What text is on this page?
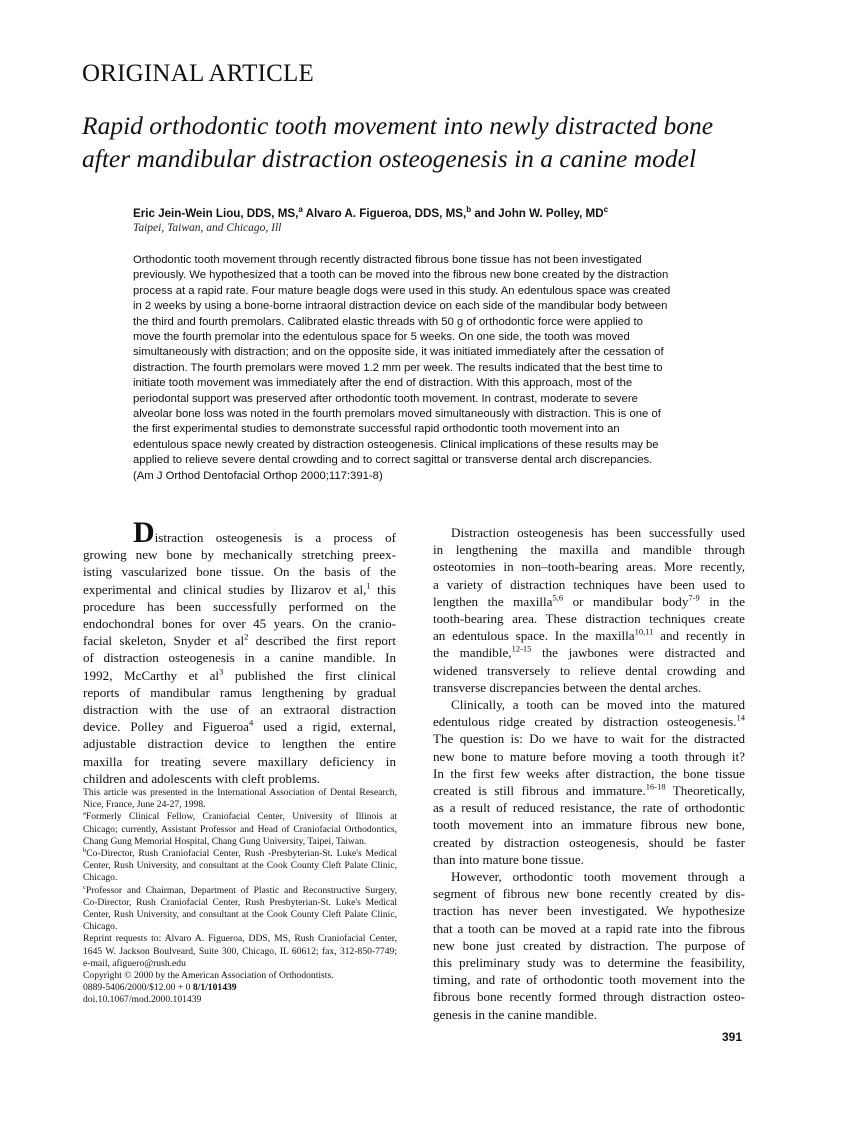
ORIGINAL ARTICLE
Rapid orthodontic tooth movement into newly distracted bone
after mandibular distraction osteogenesis in a canine model
Eric Jein-Wein Liou, DDS, MS,$^a$ Alvaro A. Figueroa, DDS, MS,$^b$ and John W. Polley, $MD^c$
Taipei, Taiwan, and Chicago, Ill
Orthodontic tooth movement through recently distracted fibrous bone tissue has not been investigated
previously. We hypothesized that a tooth can be moved into the fibrous new bone created by the distraction
process at a rapid rate. Four mature beagle dogs were used in this study. An edentulous space was created
in 2 weeks by using a bone-borne intraoral distraction device on each side of the mandibular body between
the third and fourth premolars. Calibrated elastic threads with 50 g of orthodontic force were applied to
move the fourth premolar into the edentulous space for 5 weeks. On one side, the tooth was moved
simultaneously with distraction; and on the opposite side, it was initiated immediately after the cessation of
distraction. The fourth premolars were moved 1.2 mm per week. The results indicated that the best time to
initiate tooth movement was immediately after the end of distraction. With this approach, most of the
periodontal support was preserved after orthodontic tooth movement. In contrast, moderate to severe
alveolar bone loss was noted in the fourth premolars moved simultaneously with distraction. This is one of
the first experimental studies to demonstrate successful rapid orthodontic tooth movement into an
edentulous space newly created by distraction osteogenesis. Clinical implications of these results may be
applied to relieve severe dental crowding and to correct sagittal or transverse dental arch discrepancies.
(Am J Orthod Dentofacial Orthop 2000;117:391-8)
Distraction osteogenesis is a process of
growing new bone by mechanically stretching preex-
isting vascularized bone tissue. On the basis of the
experimental and clinical studies by Ilizarov et al,$^1$ this
procedure has been successfully performed on the
endochondral bones for over 45 years. On the cranio-
facial skeleton, Snyder et $al^2$ described the first report
of distraction osteogenesis in a canine mandible. In
1992, McCarthy et $al^3$ published the first clinical
reports of mandibular ramus lengthening by gradual
distraction with the use of an extraoral distraction
device. Polley and Figueroa$^4$ used a rigid, external,
adjustable distraction device to lengthen the entire
maxilla for treating severe maxillary deficiency in
children and adolescents with cleft problems.
This article was presented in the International Association of Dental Research,
Nice, France, June 24-27, 1998.
$^a$Formerly Clinical Fellow, Craniofacial Center, University of Illinois at
Chicago; currently, Assistant Professor and Head of Craniofacial Orthodontics,
Chang Gung Memorial Hospital, Chang Gung University, Taipei, Taiwan.
$^b$Co-Director, Rush Craniofacial Center, Rush -Presbyterian-St. Luke's Medical
Center, Rush University, and consultant at the Cook County Cleft Palate Clinic,
Chicago.
$^c$Professor and Chairman, Department of Plastic and Reconstructive Surgery,
Co-Director, Rush Craniofacial Center, Rush Presbyterian-St. Luke's Medical
Center, Rush University, and consultant at the Cook County Cleft Palate Clinic,
Chicago.
Reprint requests to: Alvaro A. Figueroa, DDS, MS, Rush Craniofacial Center,
1645 W. Jackson Boulveard, Suite 300, Chicago, IL 60612; fax, 312-850-7749;
e-mail, afiguero@rush.edu
Copyright © 2000 by the American Association of Orthodontists.
0889-5406/2000/$12.00 + 0 8/1/101439
doi.10.1067/mod.2000.101439
Distraction osteogenesis has been successfully used
in lengthening the maxilla and mandible through
osteotomies in non–tooth-bearing areas. More recently,
a variety of distraction techniques have been used to
lengthen the maxilla$^{5,6}$ or mandibular body$^{7-9}$ in the
tooth-bearing area. These distraction techniques create
an edentulous space. In the maxilla$^{10,11}$ and recently in
the mandible,$^{12-15}$ the jawbones were distracted and
widened transversely to relieve dental crowding and
transverse discrepancies between the dental arches.
Clinically, a tooth can be moved into the matured
edentulous ridge created by distraction osteogenesis.$^{14}$
The question is: Do we have to wait for the distracted
new bone to mature before moving a tooth through it?
In the first few weeks after distraction, the bone tissue
created is still fibrous and immature.$^{16-18}$ Theoretically,
as a result of reduced resistance, the rate of orthodontic
tooth movement into an immature fibrous new bone,
created by distraction osteogenesis, should be faster
than into mature bone tissue.
However, orthodontic tooth movement through a
segment of fibrous new bone recently created by dis-
traction has never been investigated. We hypothesize
that a tooth can be moved at a rapid rate into the fibrous
new bone just created by distraction. The purpose of
this preliminary study was to determine the feasibility,
timing, and rate of orthodontic tooth movement into the
fibrous bone recently formed through distraction osteo-
genesis in the canine mandible.
391
